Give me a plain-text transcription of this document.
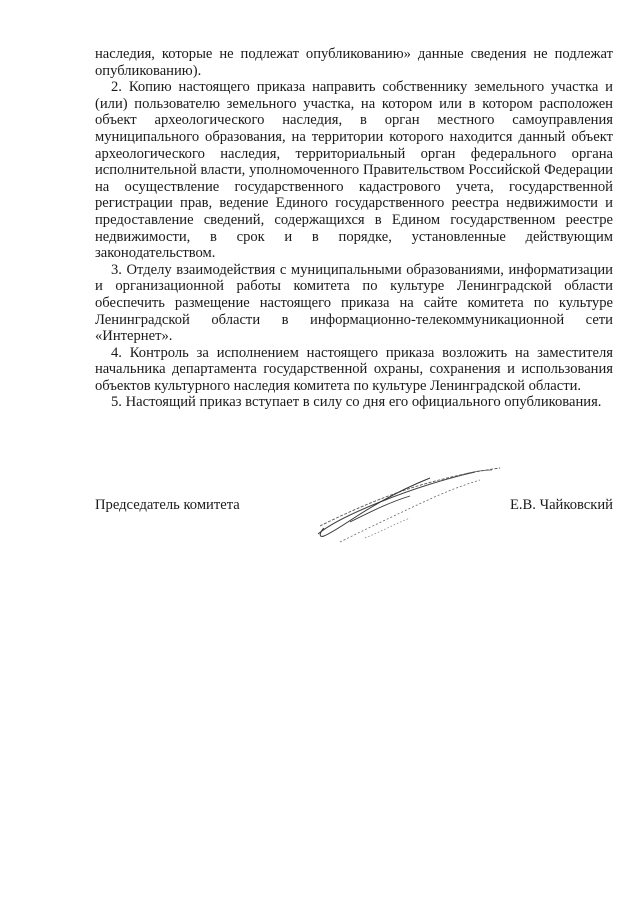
наследия, которые не подлежат опубликованию» данные сведения не подлежат опубликованию).

2. Копию настоящего приказа направить собственнику земельного участка и (или) пользователю земельного участка, на котором или в котором расположен объект археологического наследия, в орган местного самоуправления муниципального образования, на территории которого находится данный объект археологического наследия, территориальный орган федерального органа исполнительной власти, уполномоченного Правительством Российской Федерации на осуществление государственного кадастрового учета, государственной регистрации прав, ведение Единого государственного реестра недвижимости и предоставление сведений, содержащихся в Едином государственном реестре недвижимости, в срок и в порядке, установленные действующим законодательством.

3. Отделу взаимодействия с муниципальными образованиями, информатизации и организационной работы комитета по культуре Ленинградской области обеспечить размещение настоящего приказа на сайте комитета по культуре Ленинградской области в информационно-телекоммуникационной сети «Интернет».

4. Контроль за исполнением настоящего приказа возложить на заместителя начальника департамента государственной охраны, сохранения и использования объектов культурного наследия комитета по культуре Ленинградской области.

5. Настоящий приказ вступает в силу со дня его официального опубликования.

Председатель комитета	Е.В. Чайковский
